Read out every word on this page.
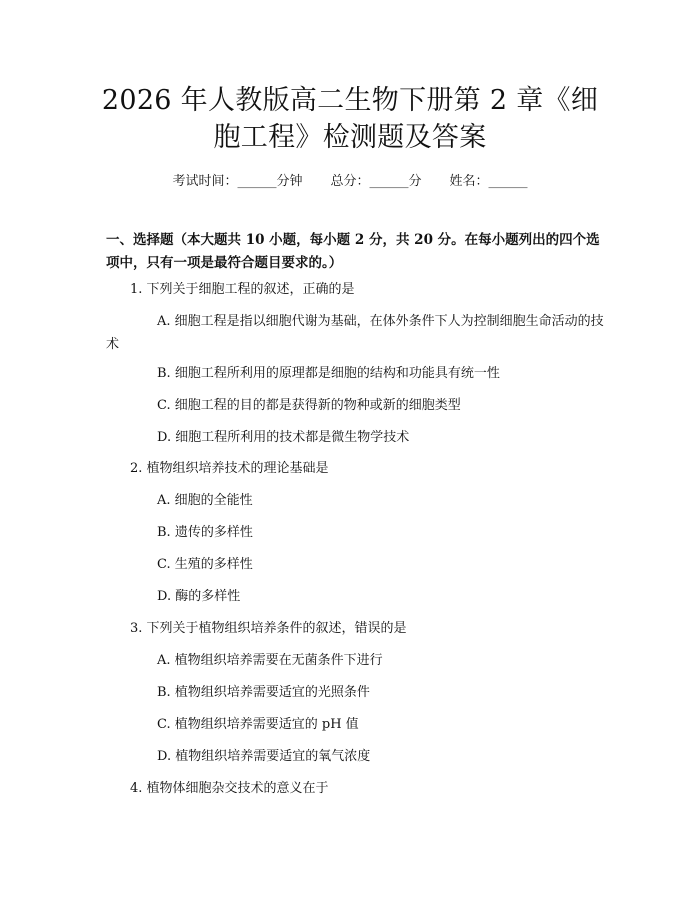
2026 年人教版高二生物下册第 2 章《细胞工程》检测题及答案
考试时间：______分钟 总分：______分 姓名：______
一、选择题（本大题共 10 小题，每小题 2 分，共 20 分。在每小题列出的四个选项中，只有一项是最符合题目要求的。）
1. 下列关于细胞工程的叙述，正确的是
A. 细胞工程是指以细胞代谢为基础，在体外条件下人为控制细胞生命活动的技术
B. 细胞工程所利用的原理都是细胞的结构和功能具有统一性
C. 细胞工程的目的都是获得新的物种或新的细胞类型
D. 细胞工程所利用的技术都是微生物学技术
2. 植物组织培养技术的理论基础是
A. 细胞的全能性
B. 遗传的多样性
C. 生殖的多样性
D. 酶的多样性
3. 下列关于植物组织培养条件的叙述，错误的是
A. 植物组织培养需要在无菌条件下进行
B. 植物组织培养需要适宜的光照条件
C. 植物组织培养需要适宜的 pH 值
D. 植物组织培养需要适宜的氧气浓度
4. 植物体细胞杂交技术的意义在于
